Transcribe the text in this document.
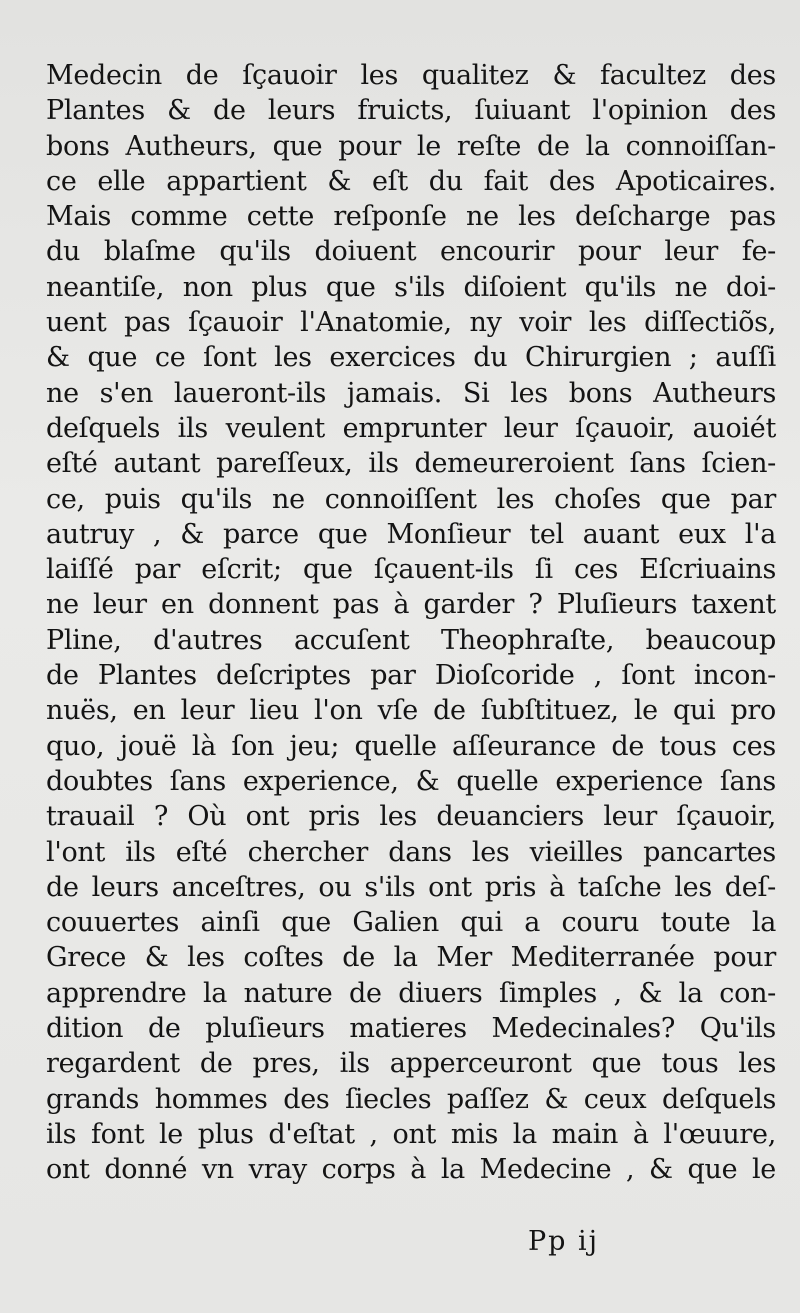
Medecin de ſçauoir les qualitez & facultez des
Plantes & de leurs fruicts, ſuiuant l'opinion des
bons Autheurs, que pour le reſte de la connoiſſan-
ce elle appartient & eſt du fait des Apoticaires.
Mais comme cette reſponſe ne les deſcharge pas
du blaſme qu'ils doiuent encourir pour leur fe-
neantiſe, non plus que s'ils diſoient qu'ils ne doi-
uent pas ſçauoir l'Anatomie, ny voir les diſſectiõs,
& que ce ſont les exercices du Chirurgien ; auſſi
ne s'en laueront-ils jamais. Si les bons Autheurs
deſquels ils veulent emprunter leur ſçauoir, auoiét
eſté autant pareſſeux, ils demeureroient ſans ſcien-
ce, puis qu'ils ne connoiſſent les choſes que par
autruy , & parce que Monſieur tel auant eux l'a
laiſſé par eſcrit; que ſçauent-ils ſi ces Eſcriuains
ne leur en donnent pas à garder ? Pluſieurs taxent
Pline, d'autres accuſent Theophraſte, beaucoup
de Plantes deſcriptes par Dioſcoride , ſont incon-
nuës, en leur lieu l'on vſe de ſubſtituez, le qui pro
quo, jouë là ſon jeu; quelle aſſeurance de tous ces
doubtes ſans experience, & quelle experience ſans
trauail ? Où ont pris les deuanciers leur ſçauoir,
l'ont ils eſté chercher dans les vieilles pancartes
de leurs anceſtres, ou s'ils ont pris à taſche les deſ-
couuertes ainſi que Galien qui a couru toute la
Grece & les coſtes de la Mer Mediterranée pour
apprendre la nature de diuers ſimples , & la con-
dition de pluſieurs matieres Medecinales? Qu'ils
regardent de pres, ils apperceuront que tous les
grands hommes des ſiecles paſſez & ceux deſquels
ils font le plus d'eſtat , ont mis la main à l'œuure,
ont donné vn vray corps à la Medecine , & que le
Pp ij
